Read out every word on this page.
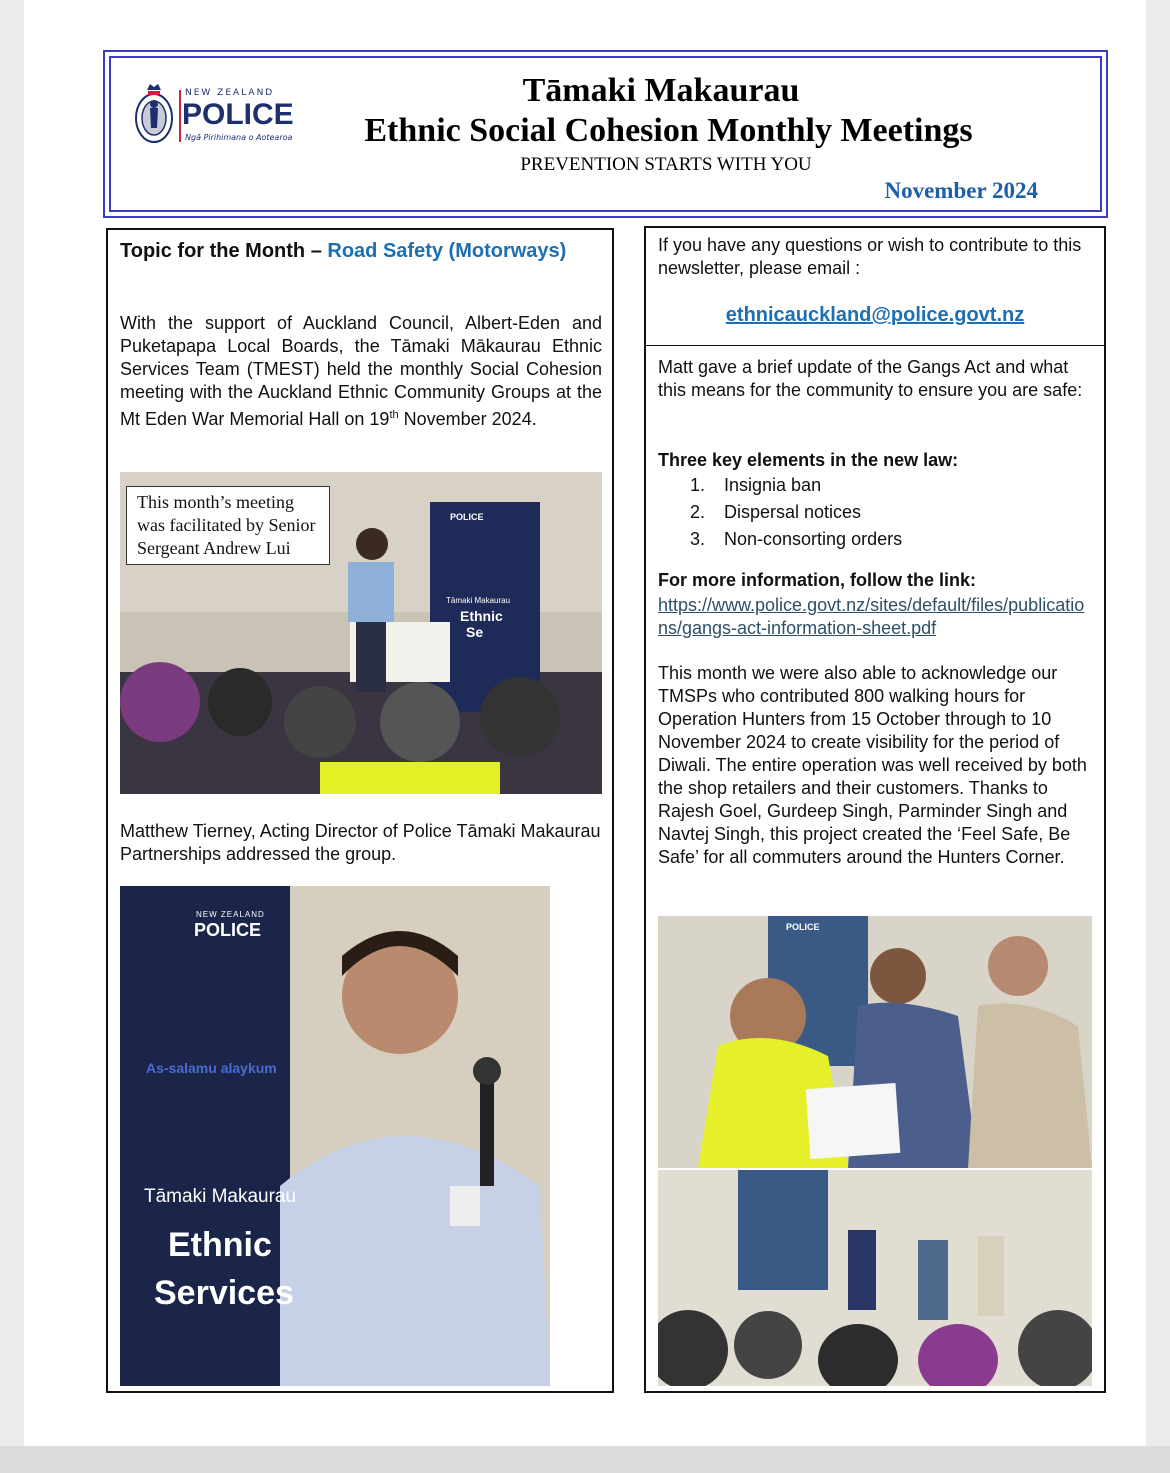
NEW ZEALAND
POLICE
Ngā Pirihimana o Aotearoa
Tāmaki Makaurau
Ethnic Social Cohesion Monthly Meetings
PREVENTION STARTS WITH YOU
November 2024
Topic for the Month – Road Safety (Motorways)

With the support of Auckland Council, Albert-Eden and Puketapapa Local Boards, the Tāmaki Mākaurau Ethnic Services Team (TMEST) held the monthly Social Cohesion meeting with the Auckland Ethnic Community Groups at the Mt Eden War Memorial Hall on 19th November 2024.

POLICE
Tāmaki Makaurau
Ethnic
Se
This month’s meeting was facilitated by Senior Sergeant Andrew Lui

Matthew Tierney, Acting Director of Police Tāmaki Makaurau Partnerships addressed the group.

NEW ZEALAND
POLICE
As-salamu alaykum
Tāmaki Makaurau
Ethnic
Services

If you have any questions or wish to contribute to this newsletter, please email :

ethnicauckland@police.govt.nz

Matt gave a brief update of the Gangs Act and what this means for the community to ensure you are safe:

Three key elements in the new law:
1. Insignia ban
2. Dispersal notices
3. Non-consorting orders
For more information, follow the link:
https://www.police.govt.nz/sites/default/files/publications/gangs-act-information-sheet.pdf

This month we were also able to acknowledge our TMSPs who contributed 800 walking hours for Operation Hunters from 15 October through to 10 November 2024 to create visibility for the period of Diwali. The entire operation was well received by both the shop retailers and their customers. Thanks to Rajesh Goel, Gurdeep Singh, Parminder Singh and Navtej Singh, this project created the ‘Feel Safe, Be Safe’ for all commuters around the Hunters Corner.

POLICE
